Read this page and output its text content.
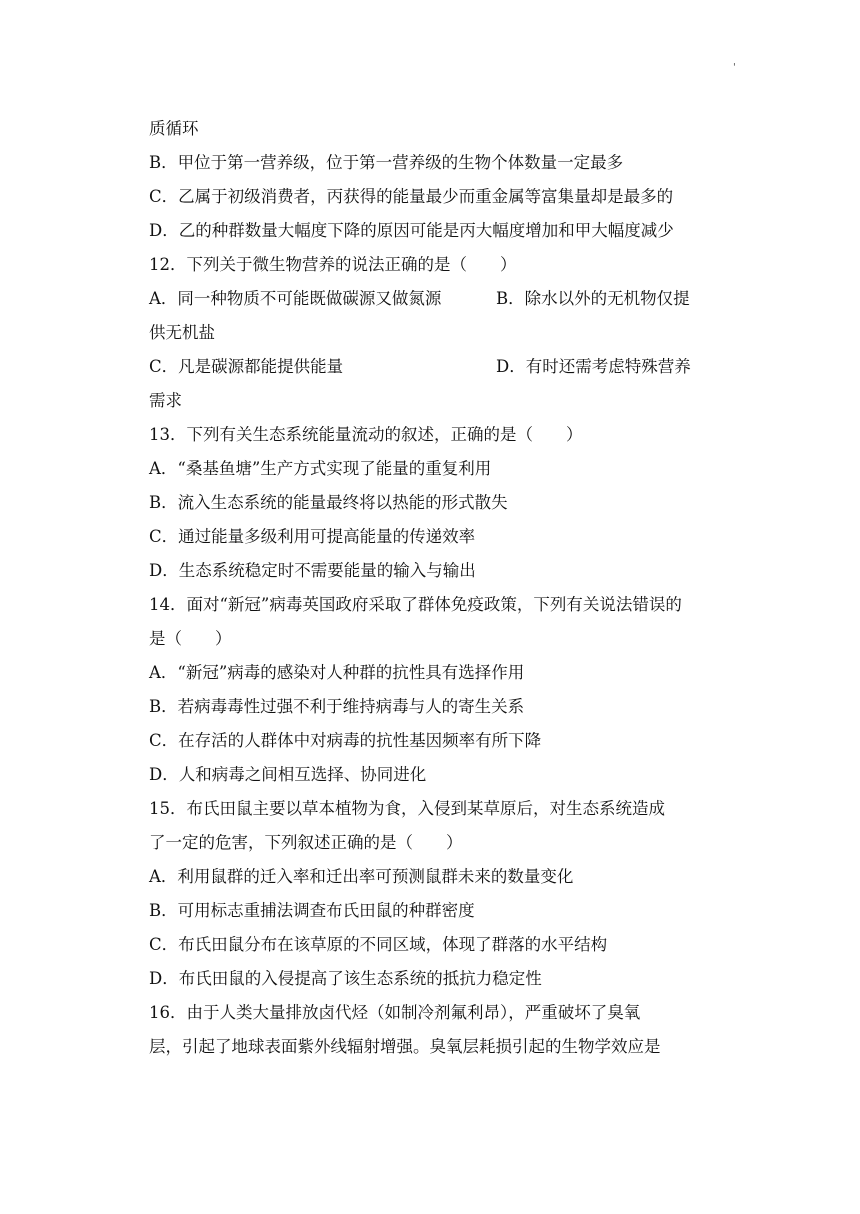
'
质循环
B．甲位于第一营养级，位于第一营养级的生物个体数量一定最多
C．乙属于初级消费者，丙获得的能量最少而重金属等富集量却是最多的
D．乙的种群数量大幅度下降的原因可能是丙大幅度增加和甲大幅度减少
12．下列关于微生物营养的说法正确的是（　　）
A．同一种物质不可能既做碳源又做氮源	B．除水以外的无机物仅提
供无机盐
C．凡是碳源都能提供能量	D．有时还需考虑特殊营养
需求
13．下列有关生态系统能量流动的叙述，正确的是（　　）
A．“桑基鱼塘”生产方式实现了能量的重复利用
B．流入生态系统的能量最终将以热能的形式散失
C．通过能量多级利用可提高能量的传递效率
D．生态系统稳定时不需要能量的输入与输出
14．面对“新冠”病毒英国政府采取了群体免疫政策，下列有关说法错误的
是（　　）
A．“新冠”病毒的感染对人种群的抗性具有选择作用
B．若病毒毒性过强不利于维持病毒与人的寄生关系
C．在存活的人群体中对病毒的抗性基因频率有所下降
D．人和病毒之间相互选择、协同进化
15．布氏田鼠主要以草本植物为食，入侵到某草原后，对生态系统造成
了一定的危害，下列叙述正确的是（　　）
A．利用鼠群的迁入率和迁出率可预测鼠群未来的数量变化
B．可用标志重捕法调查布氏田鼠的种群密度
C．布氏田鼠分布在该草原的不同区域，体现了群落的水平结构
D．布氏田鼠的入侵提高了该生态系统的抵抗力稳定性
16．由于人类大量排放卤代烃（如制冷剂氟利昂），严重破坏了臭氧
层，引起了地球表面紫外线辐射增强。臭氧层耗损引起的生物学效应是
